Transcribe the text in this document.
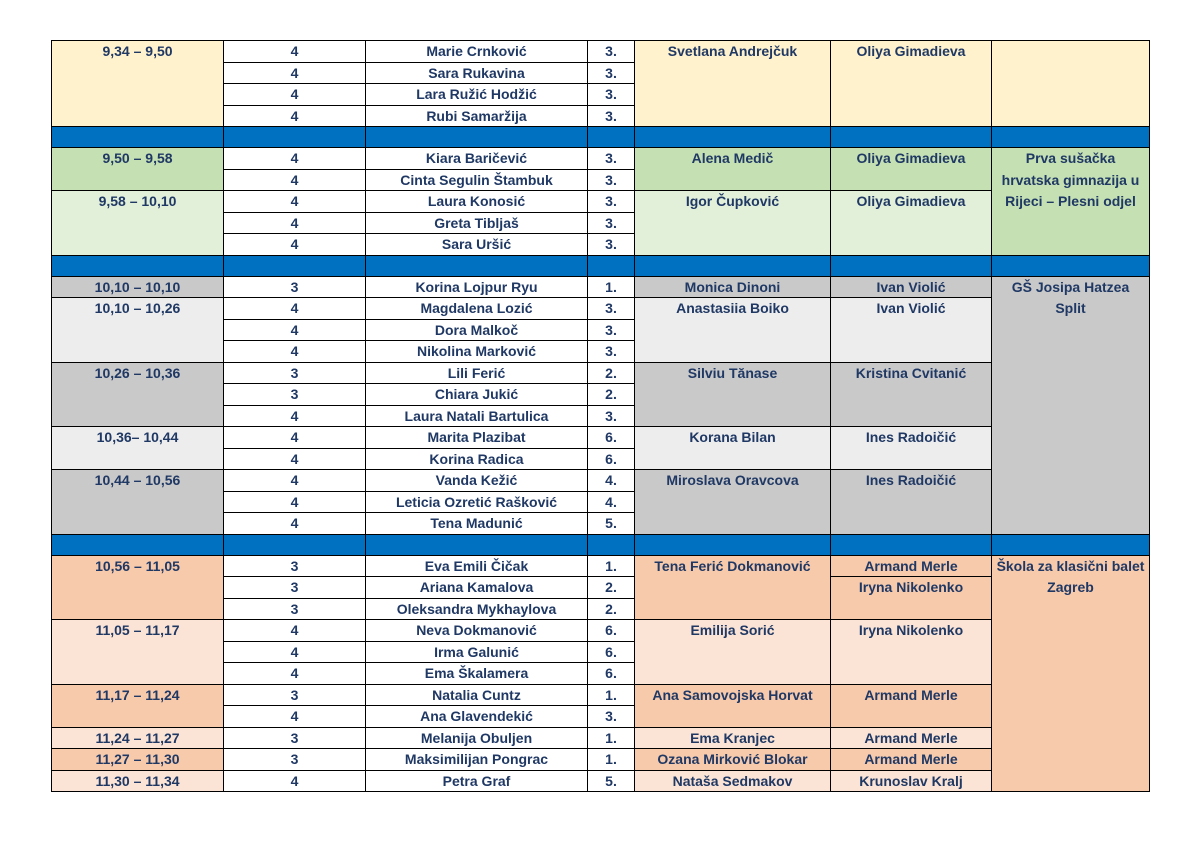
9,34 – 9,50	4	Marie Crnković	3.	Svetlana Andrejčuk	Oliya Gimadieva	
	4	Sara Rukavina	3.			
	4	Lara Ružić Hodžić	3.			
	4	Rubi Samaržija	3.			

9,50 – 9,58	4	Kiara Baričević	3.	Alena Medič	Oliya Gimadieva	Prva sušačka hrvatska gimnazija u Rijeci – Plesni odjel
	4	Cinta Segulin Štambuk	3.			
9,58 – 10,10	4	Laura Konosić	3.	Igor Čupković	Oliya Gimadieva	
	4	Greta Tibljaš	3.			
	4	Sara Uršić	3.			

10,10 – 10,10	3	Korina Lojpur Ryu	1.	Monica Dinoni	Ivan Violić	GŠ Josipa Hatzea Split
10,10 – 10,26	4	Magdalena Lozić	3.	Anastasiia Boiko	Ivan Violić	
	4	Dora Malkoč	3.			
	4	Nikolina Marković	3.			
10,26 – 10,36	3	Lili Ferić	2.	Silviu Tănase	Kristina Cvitanić	
	3	Chiara Jukić	2.			
	4	Laura Natali Bartulica	3.			
10,36– 10,44	4	Marita Plazibat	6.	Korana Bilan	Ines Radoičić	
	4	Korina Radica	6.			
10,44 – 10,56	4	Vanda Kežić	4.	Miroslava Oravcova	Ines Radoičić	
	4	Leticia Ozretić Rašković	4.			
	4	Tena Madunić	5.			

10,56 – 11,05	3	Eva Emili Čičak	1.	Tena Ferić Dokmanović	Armand Merle	Škola za klasični balet Zagreb
	3	Ariana Kamalova	2.		Iryna Nikolenko	
	3	Oleksandra Mykhaylova	2.			
11,05 – 11,17	4	Neva Dokmanović	6.	Emilija Sorić	Iryna Nikolenko	
	4	Irma Galunić	6.			
	4	Ema Škalamera	6.			
11,17 – 11,24	3	Natalia Cuntz	1.	Ana Samovojska Horvat	Armand Merle	
	4	Ana Glavendekić	3.			
11,24 – 11,27	3	Melanija Obuljen	1.	Ema Kranjec	Armand Merle	
11,27 – 11,30	3	Maksimilijan Pongrac	1.	Ozana Mirković Blokar	Armand Merle	
11,30 – 11,34	4	Petra Graf	5.	Nataša Sedmakov	Krunoslav Kralj	
